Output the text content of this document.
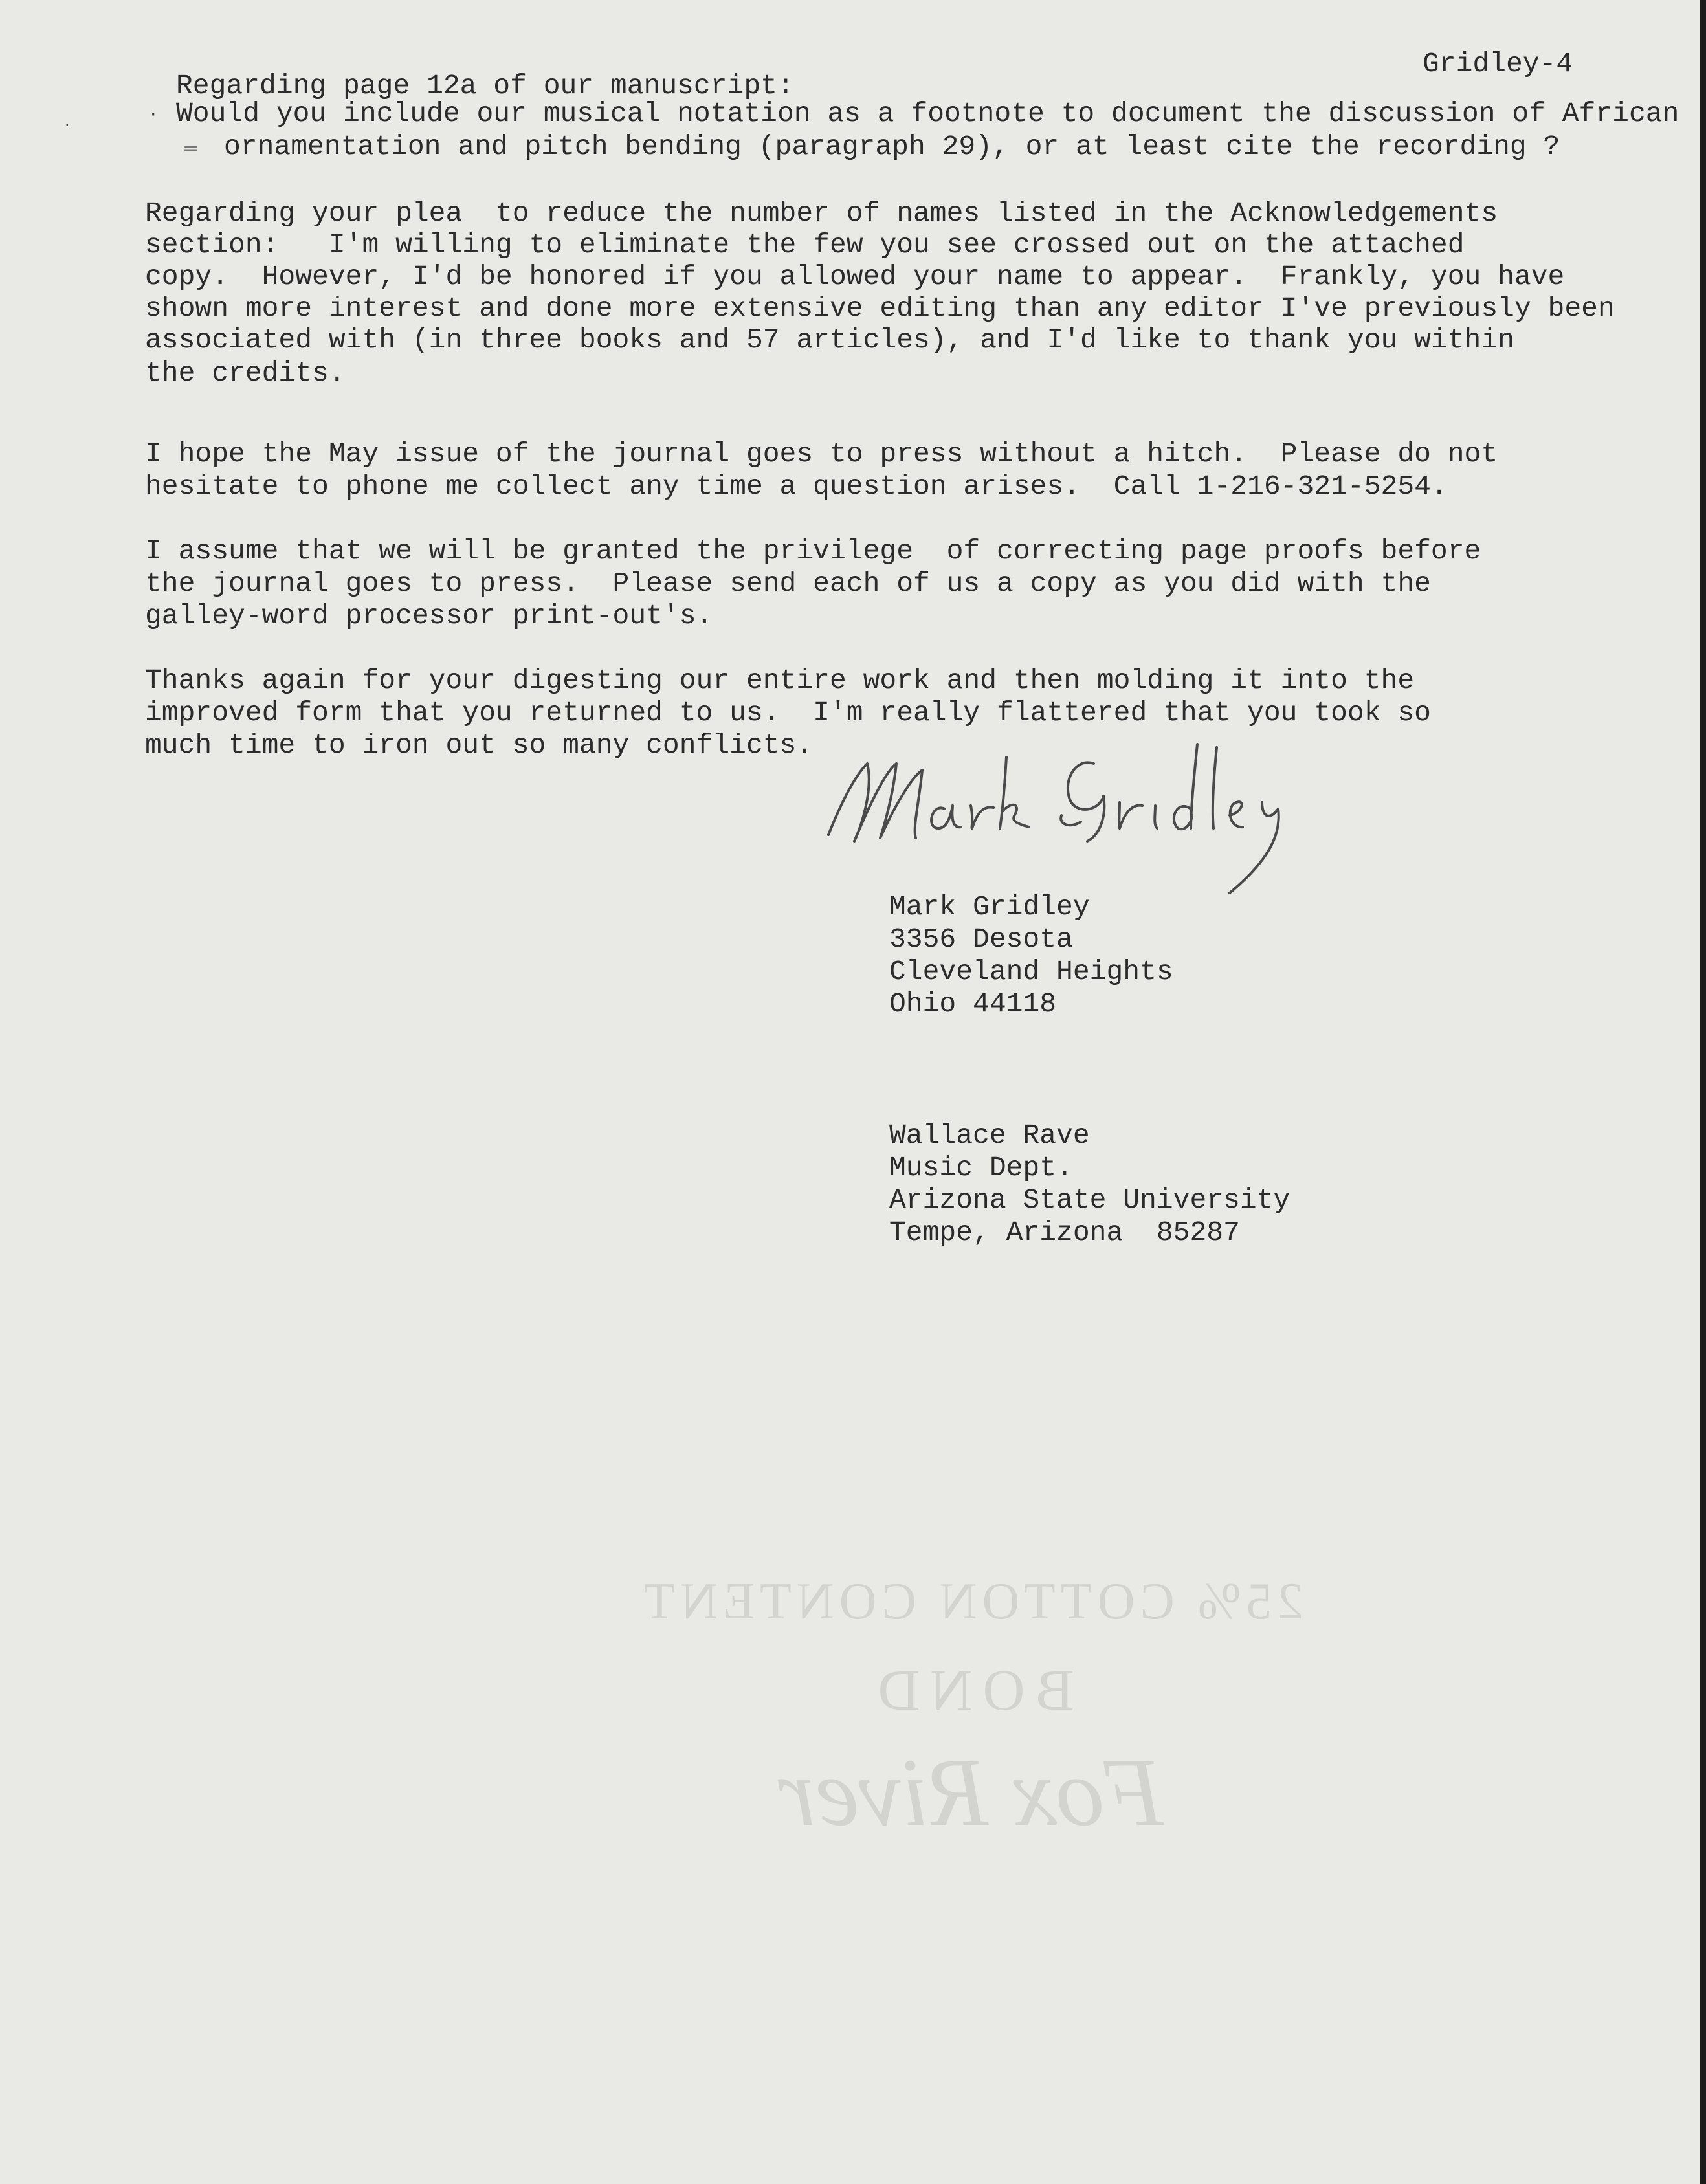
Gridley-4
Regarding page 12a of our manuscript:
Would you include our musical notation as a footnote to document the discussion of African
ornamentation and pitch bending (paragraph 29), or at least cite the recording ?
·
·
=
Regarding your plea  to reduce the number of names listed in the Acknowledgements
section:   I'm willing to eliminate the few you see crossed out on the attached
copy.  However, I'd be honored if you allowed your name to appear.  Frankly, you have
shown more interest and done more extensive editing than any editor I've previously been
associated with (in three books and 57 articles), and I'd like to thank you within
the credits.
I hope the May issue of the journal goes to press without a hitch.  Please do not
hesitate to phone me collect any time a question arises.  Call 1-216-321-5254.
I assume that we will be granted the privilege  of correcting page proofs before
the journal goes to press.  Please send each of us a copy as you did with the
galley-word processor print-out's.
Thanks again for your digesting our entire work and then molding it into the
improved form that you returned to us.  I'm really flattered that you took so
much time to iron out so many conflicts.
Mark Gridley
3356 Desota
Cleveland Heights
Ohio 44118
Wallace Rave
Music Dept.
Arizona State University
Tempe, Arizona  85287
25% COTTON CONTENT
BOND
Fox River
